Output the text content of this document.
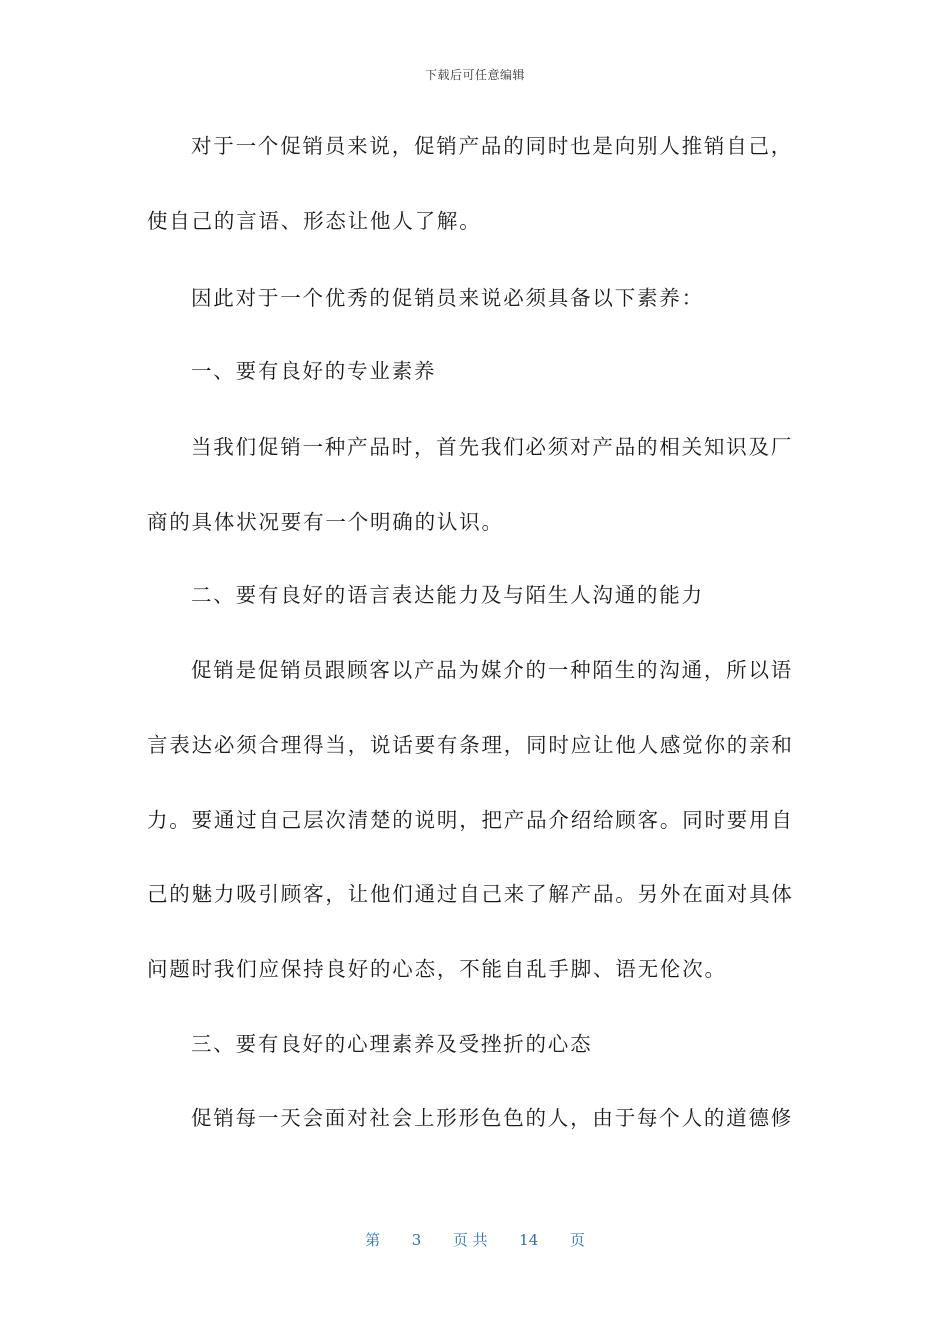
下载后可任意编辑
对于一个促销员来说，促销产品的同时也是向别人推销自己，
使自己的言语、形态让他人了解。
因此对于一个优秀的促销员来说必须具备以下素养：
一、要有良好的专业素养
当我们促销一种产品时，首先我们必须对产品的相关知识及厂
商的具体状况要有一个明确的认识。
二、要有良好的语言表达能力及与陌生人沟通的能力
促销是促销员跟顾客以产品为媒介的一种陌生的沟通，所以语
言表达必须合理得当，说话要有条理，同时应让他人感觉你的亲和
力。要通过自己层次清楚的说明，把产品介绍给顾客。同时要用自
己的魅力吸引顾客，让他们通过自己来了解产品。另外在面对具体
问题时我们应保持良好的心态，不能自乱手脚、语无伦次。
三、要有良好的心理素养及受挫折的心态
促销每一天会面对社会上形形色色的人，由于每个人的道德修
第 3 页 共 14 页
